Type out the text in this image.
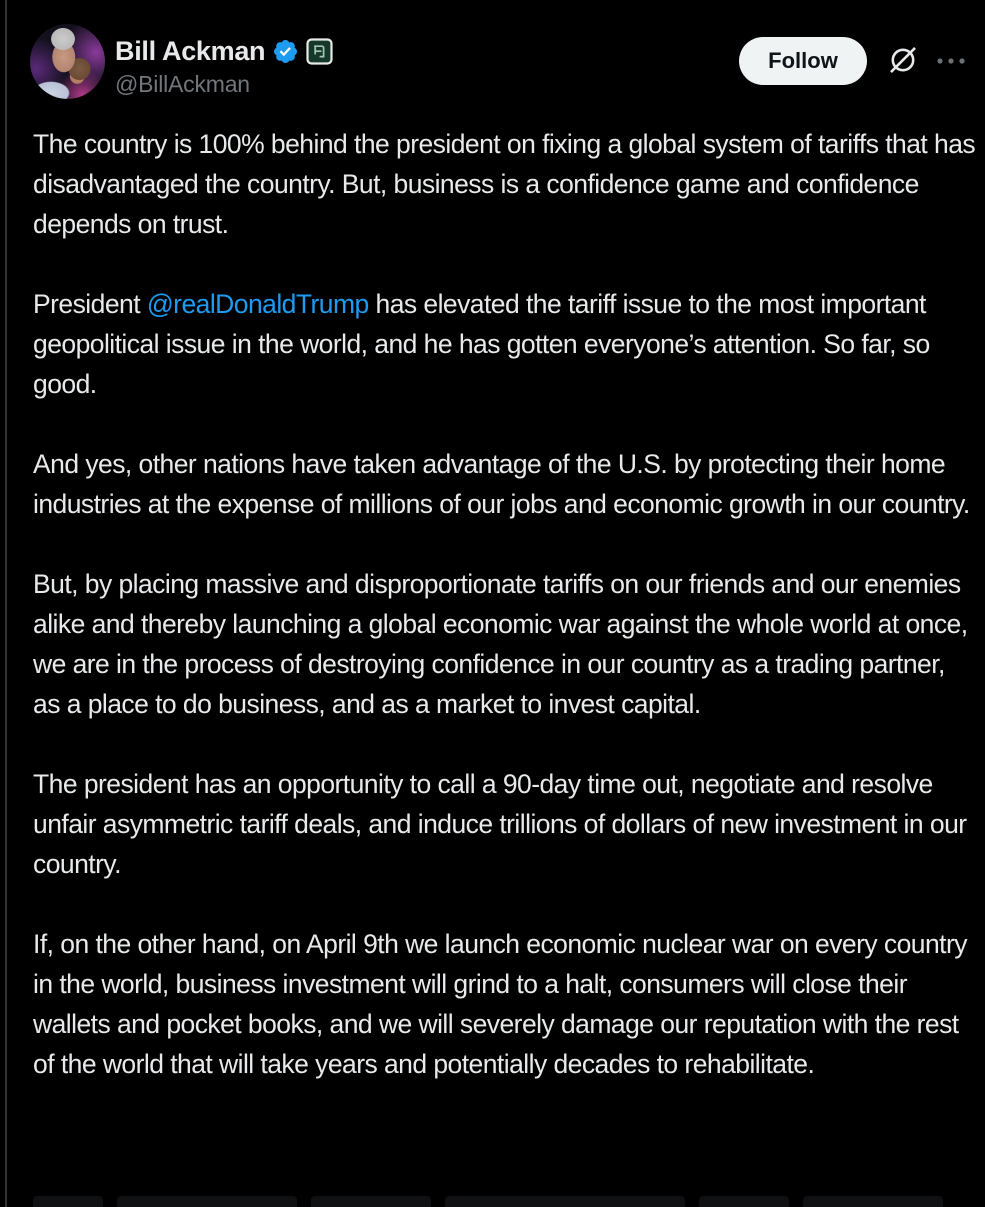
Bill Ackman
@BillAckman
Follow

The country is 100% behind the president on fixing a global system of tariffs that has disadvantaged the country. But, business is a confidence game and confidence depends on trust.

President @realDonaldTrump has elevated the tariff issue to the most important geopolitical issue in the world, and he has gotten everyone’s attention. So far, so good.

And yes, other nations have taken advantage of the U.S. by protecting their home industries at the expense of millions of our jobs and economic growth in our country.

But, by placing massive and disproportionate tariffs on our friends and our enemies alike and thereby launching a global economic war against the whole world at once, we are in the process of destroying confidence in our country as a trading partner, as a place to do business, and as a market to invest capital.

The president has an opportunity to call a 90-day time out, negotiate and resolve unfair asymmetric tariff deals, and induce trillions of dollars of new investment in our country.

If, on the other hand, on April 9th we launch economic nuclear war on every country in the world, business investment will grind to a halt, consumers will close their wallets and pocket books, and we will severely damage our reputation with the rest of the world that will take years and potentially decades to rehabilitate.
